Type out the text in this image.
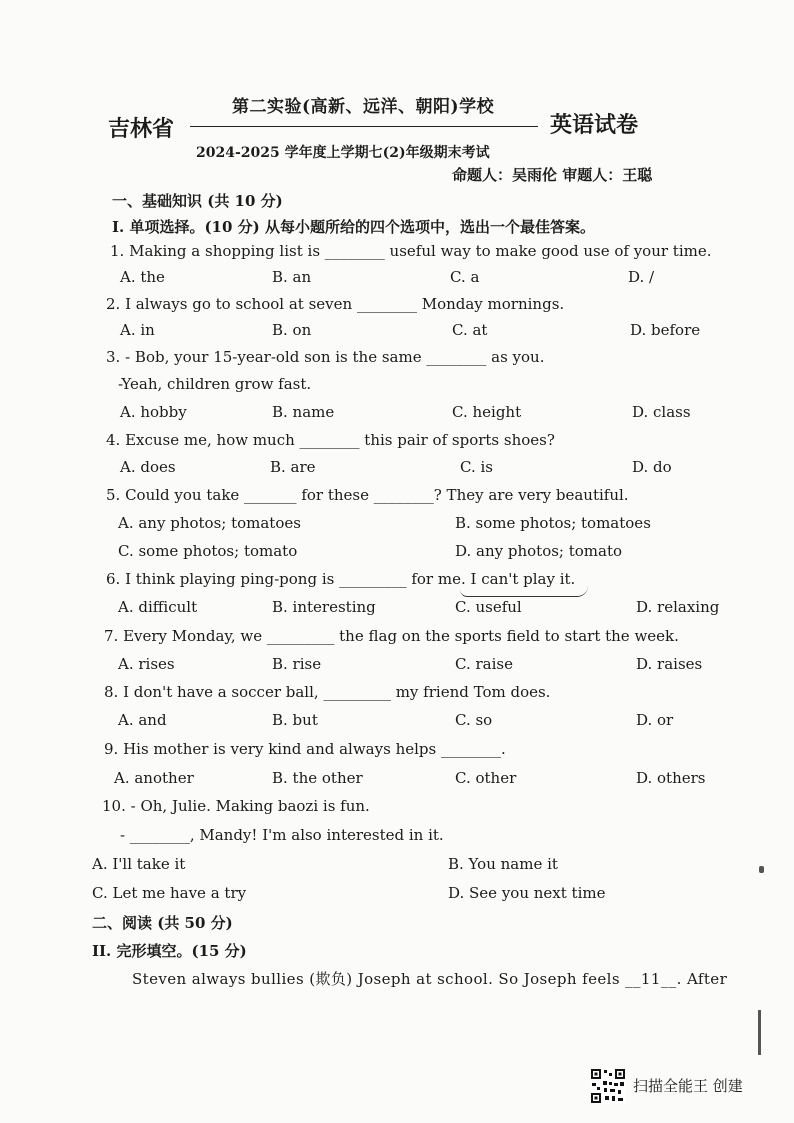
吉林省
第二实验(高新、远洋、朝阳)学校
英语试卷
2024-2025 学年度上学期七(2)年级期末考试
命题人：吴雨伦 审题人：王聪
一、基础知识 (共 10 分)
I. 单项选择。(10 分) 从每小题所给的四个选项中，选出一个最佳答案。
1. Making a shopping list is ________ useful way to make good use of your time.
A. the	B. an	C. a	D. /
2. I always go to school at seven ________ Monday mornings.
A. in	B. on	C. at	D. before
3. - Bob, your 15-year-old son is the same ________ as you.
-Yeah, children grow fast.
A. hobby	B. name	C. height	D. class
4. Excuse me, how much ________ this pair of sports shoes?
A. does	B. are	C. is	D. do
5. Could you take _______ for these ________? They are very beautiful.
A. any photos; tomatoes	B. some photos; tomatoes
C. some photos; tomato	D. any photos; tomato
6. I think playing ping-pong is _________ for me. I can't play it.
A. difficult	B. interesting	C. useful	D. relaxing
7. Every Monday, we _________ the flag on the sports field to start the week.
A. rises	B. rise	C. raise	D. raises
8. I don't have a soccer ball, _________ my friend Tom does.
A. and	B. but	C. so	D. or
9. His mother is very kind and always helps ________.
A. another	B. the other	C. other	D. others
10. - Oh, Julie. Making baozi is fun.
- ________, Mandy! I'm also interested in it.
A. I'll take it	B. You name it
C. Let me have a try	D. See you next time
二、阅读 (共 50 分)
II. 完形填空。(15 分)
Steven always bullies (欺负) Joseph at school. So Joseph feels __11__. After
扫描全能王 创建
